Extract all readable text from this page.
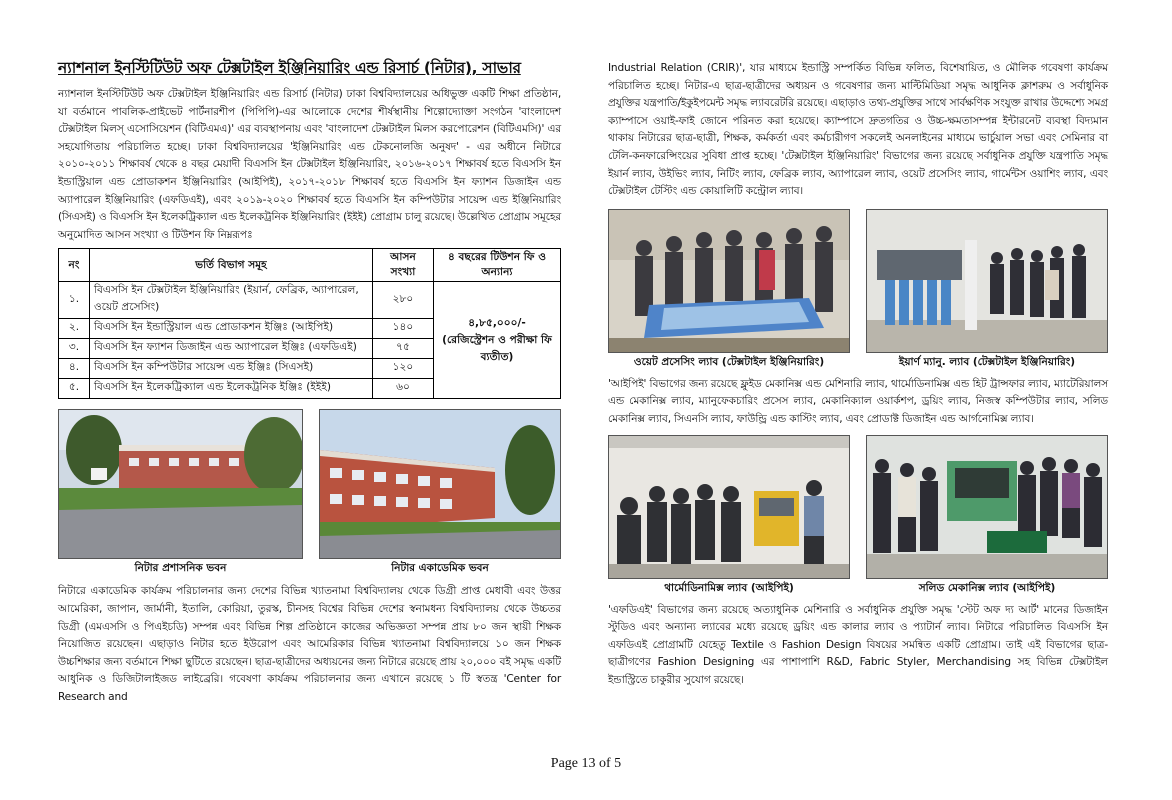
ন্যাশনাল ইনস্টিটিউট অফ টেক্সটাইল ইঞ্জিনিয়ারিং এন্ড রিসার্চ (নিটার), সাভার

ন্যাশনাল ইনস্টিটিউট অফ টেক্সটাইল ইঞ্জিনিয়ারিং এন্ড রিসার্চ (নিটার) ঢাকা বিশ্ববিদ্যালয়ের অধিভুক্ত একটি শিক্ষা প্রতিষ্ঠান, যা বর্তমানে পাবলিক-প্রাইভেট পার্টনারশীপ (পিপিপি)-এর আলোকে দেশের শীর্ষস্থানীয় শিল্পোদ্যোক্তা সংগঠন 'বাংলাদেশ টেক্সটাইল মিলস্ এসোসিয়েশন (বিটিএমএ)' এর ব্যবস্থাপনায় এবং 'বাংলাদেশ টেক্সটাইল মিলস করপোরেশন (বিটিএমসি)' এর সহযোগিতায় পরিচালিত হচ্ছে। ঢাকা বিশ্ববিদ্যালয়ের 'ইঞ্জিনিয়ারিং এন্ড টেকনোলজি অনুষদ' - এর অধীনে নিটারে ২০১০-২০১১ শিক্ষাবর্ষ থেকে ৪ বছর মেয়াদী বিএসসি ইন টেক্সটাইল ইঞ্জিনিয়ারিং, ২০১৬-২০১৭ শিক্ষাবর্ষ হতে বিএসসি ইন ইন্ডাস্ট্রিয়াল এন্ড প্রোডাকশন ইঞ্জিনিয়ারিং (আইপিই), ২০১৭-২০১৮ শিক্ষাবর্ষ হতে বিএসসি ইন ফ্যাশন ডিজাইন এন্ড অ্যাপারেল ইঞ্জিনিয়ারিং (এফডিএই), এবং ২০১৯-২০২০ শিক্ষাবর্ষ হতে বিএসসি ইন কম্পিউটার সায়েন্স এন্ড ইঞ্জিনিয়ারিং (সিএসই) ও বিএসসি ইন ইলেকট্রিক্যাল এন্ড ইলেকট্রনিক ইঞ্জিনিয়ারিং (ইইই) প্রোগ্রাম চালু রয়েছে। উল্লেখিত প্রোগ্রাম সমূহের অনুমোদিত আসন সংখ্যা ও টিউশন ফি নিম্নরূপঃ

নং	ভর্তি বিভাগ সমূহ	আসন সংখ্যা	৪ বছরের টিউশন ফি ও অন্যান্য
১.	বিএসসি ইন টেক্সটাইল ইঞ্জিনিয়ারিং (ইয়ার্ন, ফেব্রিক, অ্যাপারেল, ওয়েট প্রসেসিং)	২৮০	৪,৮৫,০০০/-
(রেজিস্ট্রেশন ও পরীক্ষা ফি ব্যতীত)

২.	বিএসসি ইন ইন্ডাস্ট্রিয়াল এন্ড প্রোডাকশন ইঞ্জিঃ (আইপিই)	১৪০	
৩.	বিএসসি ইন ফ্যাশন ডিজাইন এন্ড অ্যাপারেল ইঞ্জিঃ (এফডিএই)	৭৫	
৪.	বিএসসি ইন কম্পিউটার সায়েন্স এন্ড ইঞ্জিঃ (সিএসই)	১২০	
৫.	বিএসসি ইন ইলেকট্রিক্যাল এন্ড ইলেকট্রনিক ইঞ্জিঃ (ইইই)	৬০	
নিটার প্রশাসনিক ভবন	নিটার একাডেমিক ভবন

নিটারে একাডেমিক কার্যক্রম পরিচালনার জন্য দেশের বিভিন্ন খ্যাতনামা বিশ্ববিদ্যালয় থেকে ডিগ্রী প্রাপ্ত মেধাবী এবং উত্তর আমেরিকা, জাপান, জার্মানী, ইতালি, কোরিয়া, তুরস্ক, চীনসহ বিশ্বের বিভিন্ন দেশের স্বনামধন্য বিশ্ববিদ্যালয় থেকে উচ্চতর ডিগ্রী (এমএসসি ও পিএইচডি) সম্পন্ন এবং বিভিন্ন শিল্প প্রতিষ্ঠানে কাজের অভিজ্ঞতা সম্পন্ন প্রায় ৮০ জন স্থায়ী শিক্ষক নিয়োজিত রয়েছেন। এছাড়াও নিটার হতে ইউরোপ এবং আমেরিকার বিভিন্ন খ্যাতনামা বিশ্ববিদ্যালয়ে ১০ জন শিক্ষক উচ্চশিক্ষার জন্য বর্তমানে শিক্ষা ছুটিতে রয়েছেন। ছাত্র-ছাত্রীদের অধ্যয়নের জন্য নিটারে রয়েছে প্রায় ২০,০০০ বই সমৃদ্ধ একটি আধুনিক ও ডিজিটালাইজড লাইব্রেরি। গবেষণা কার্যক্রম পরিচালনার জন্য এখানে রয়েছে ১ টি স্বতন্ত্র 'Center for Research and

Industrial Relation (CRIR)', যার মাধ্যমে ইন্ডাস্ট্রি সম্পর্কিত বিভিন্ন ফলিত, বিশেষায়িত, ও মৌলিক গবেষণা কার্যক্রম পরিচালিত হচ্ছে। নিটার-এ ছাত্র-ছাত্রীদের অধ্যয়ন ও গবেষণার জন্য মাল্টিমিডিয়া সমৃদ্ধ আধুনিক ক্লাশরুম ও সর্বাধুনিক প্রযুক্তির যন্ত্রপাতি/ইকুইপমেন্ট সমৃদ্ধ ল্যাবরেটরি রয়েছে। এছাড়াও তথ্য-প্রযুক্তির সাথে সার্বক্ষণিক সংযুক্ত রাখার উদ্দেশ্যে সমগ্র ক্যাম্পাসে ওয়াই-ফাই জোনে পরিনত করা হয়েছে। ক্যাম্পাসে দ্রুতগতির ও উচ্চ-ক্ষমতাসম্পন্ন ইন্টারনেট ব্যবস্থা বিদ্যমান থাকায় নিটারের ছাত্র-ছাত্রী, শিক্ষক, কর্মকর্তা এবং কর্মচারীগণ সকলেই অনলাইনের মাধ্যমে ভার্চুয়াল সভা এবং সেমিনার বা টেলি-কনফারেন্সিংয়ের সুবিধা প্রাপ্ত হচ্ছে। 'টেক্সটাইল ইঞ্জিনিয়ারিং' বিভাগের জন্য রয়েছে সর্বাধুনিক প্রযুক্তি যন্ত্রপাতি সমৃদ্ধ ইয়ার্ন ল্যাব, উইভিং ল্যাব, নিটিং ল্যাব, ফেব্রিক ল্যাব, অ্যাপারেল ল্যাব, ওয়েট প্রসেসিং ল্যাব, গার্মেন্টস ওয়াশিং ল্যাব, এবং টেক্সটাইল টেস্টিং এন্ড কোয়ালিটি কন্ট্রোল ল্যাব।

ওয়েট প্রসেসিং ল্যাব (টেক্সটাইল ইঞ্জিনিয়ারিং)	ইয়ার্ণ ম্যানু. ল্যাব (টেক্সটাইল ইঞ্জিনিয়ারিং)

'আইপিই' বিভাগের জন্য রয়েছে ফ্লুইড মেকানিক্স এন্ড মেশিনারি ল্যাব, থার্মোডিনামিক্স এন্ড হিট ট্রান্সফার ল্যাব, ম্যাটেরিয়ালস এন্ড মেকানিক্স ল্যাব, ম্যানুফেকচারিং প্রসেস ল্যাব, মেকানিক্যাল ওয়ার্কশপ, ড্রয়িং ল্যাব, নিজস্ব কম্পিউটার ল্যাব, সলিড মেকানিক্স ল্যাব, সিএনসি ল্যাব, ফাউন্ড্রি এন্ড কাস্টিং ল্যাব, এবং প্রোডাক্ট ডিজাইন এন্ড আর্গনোমিক্স ল্যাব।

থার্মোডিনামিক্স ল্যাব (আইপিই)	সলিড মেকানিক্স ল্যাব (আইপিই)

'এফডিএই' বিভাগের জন্য রয়েছে অত্যাধুনিক মেশিনারি ও সর্বাধুনিক প্রযুক্তি সমৃদ্ধ 'স্টেট অফ দ্য আর্ট' মানের ডিজাইন স্টুডিও এবং অন্যান্য ল্যাবের মধ্যে রয়েছে ড্রয়িং এন্ড কালার ল্যাব ও প্যাটার্ন ল্যাব। নিটারে পরিচালিত বিএসসি ইন এফডিএই প্রোগ্রামটি যেহেতু Textile ও Fashion Design বিষয়ের সমন্বিত একটি প্রোগ্রাম। তাই এই বিভাগের ছাত্র-ছাত্রীগণের Fashion Designing এর পাশাপাশি R&D, Fabric Styler, Merchandising সহ বিভিন্ন টেক্সটাইল ইন্ডাস্ট্রিতে চাকুরীর সুযোগ রয়েছে।

Page 13 of 5
